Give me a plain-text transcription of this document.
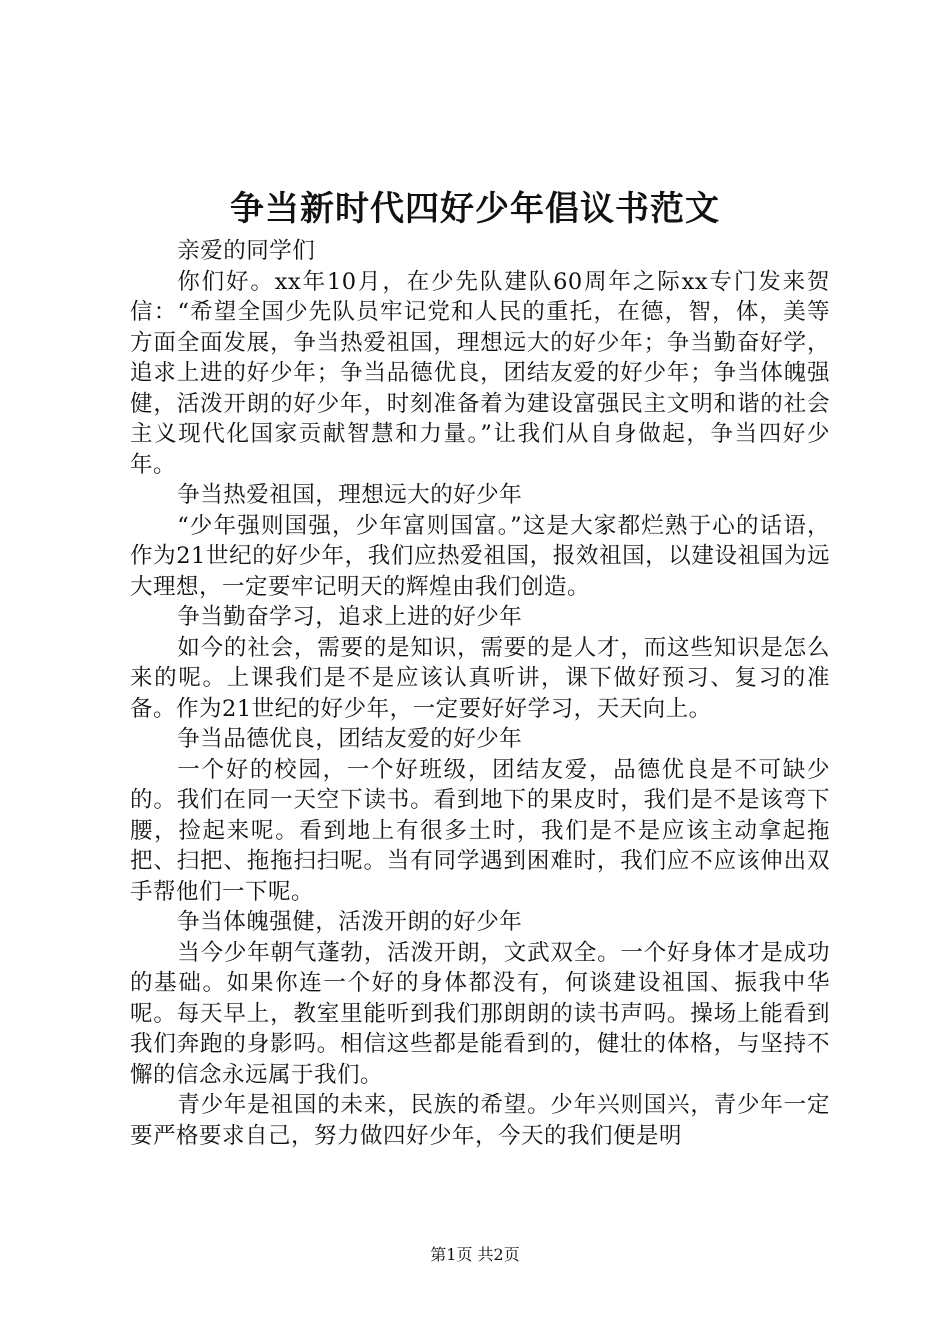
争当新时代四好少年倡议书范文

亲爱的同学们

你们好。xx年10月，在少先队建队60周年之际xx专门发来贺信：“希望全国少先队员牢记党和人民的重托，在德，智，体，美等方面全面发展，争当热爱祖国，理想远大的好少年；争当勤奋好学，追求上进的好少年；争当品德优良，团结友爱的好少年；争当体魄强健，活泼开朗的好少年，时刻准备着为建设富强民主文明和谐的社会主义现代化国家贡献智慧和力量。”让我们从自身做起，争当四好少年。

争当热爱祖国，理想远大的好少年

“少年强则国强，少年富则国富。”这是大家都烂熟于心的话语，作为21世纪的好少年，我们应热爱祖国，报效祖国，以建设祖国为远大理想，一定要牢记明天的辉煌由我们创造。

争当勤奋学习，追求上进的好少年

如今的社会，需要的是知识，需要的是人才，而这些知识是怎么来的呢。上课我们是不是应该认真听讲，课下做好预习、复习的准备。作为21世纪的好少年，一定要好好学习，天天向上。

争当品德优良，团结友爱的好少年

一个好的校园，一个好班级，团结友爱，品德优良是不可缺少的。我们在同一天空下读书。看到地下的果皮时，我们是不是该弯下腰，捡起来呢。看到地上有很多土时，我们是不是应该主动拿起拖把、扫把、拖拖扫扫呢。当有同学遇到困难时，我们应不应该伸出双手帮他们一下呢。

争当体魄强健，活泼开朗的好少年

当今少年朝气蓬勃，活泼开朗，文武双全。一个好身体才是成功的基础。如果你连一个好的身体都没有，何谈建设祖国、振我中华呢。每天早上，教室里能听到我们那朗朗的读书声吗。操场上能看到我们奔跑的身影吗。相信这些都是能看到的，健壮的体格，与坚持不懈的信念永远属于我们。

青少年是祖国的未来，民族的希望。少年兴则国兴，青少年一定要严格要求自己，努力做四好少年，今天的我们便是明

第1页 共2页
